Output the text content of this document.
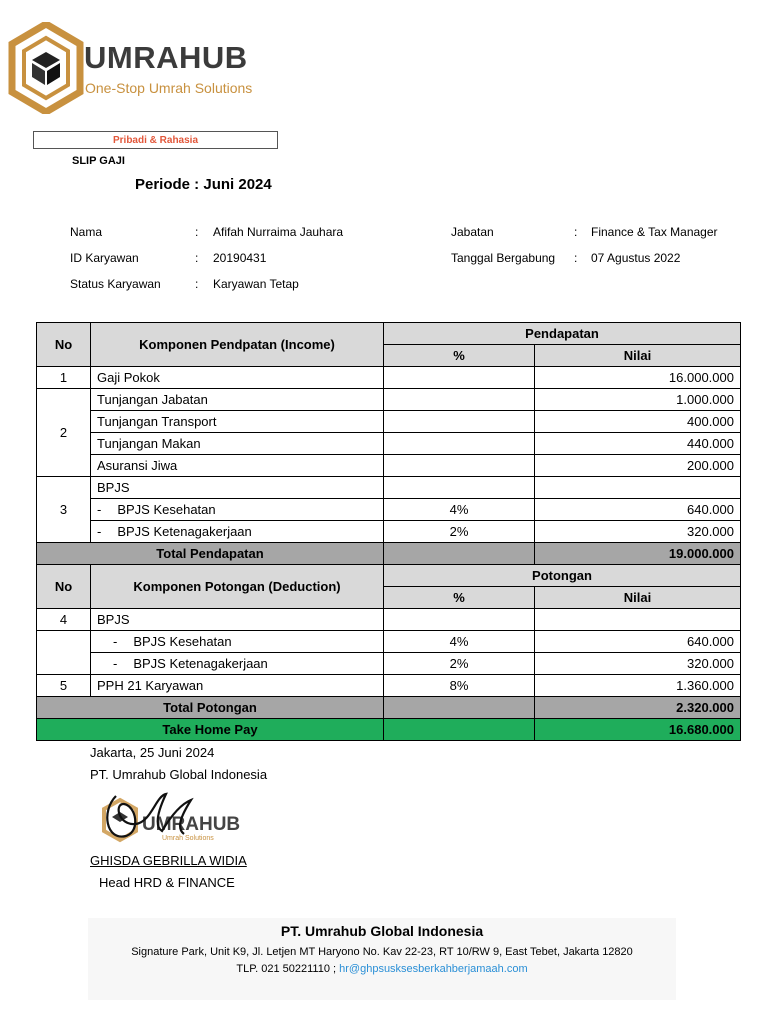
UMRAHUB
One-Stop Umrah Solutions
Pribadi & Rahasia
SLIP GAJI
Periode : Juni 2024
Nama	: Afifah Nurraima Jauhara
ID Karyawan	: 20190431
Status Karyawan	: Karyawan Tetap
Jabatan	: Finance & Tax Manager
Tanggal Bergabung : 07 Agustus 2022
No	Komponen Pendpatan (Income)	Pendapatan	
		%	Nilai
1	Gaji Pokok		16.000.000
2	Tunjangan Jabatan		1.000.000
	Tunjangan Transport		400.000
	Tunjangan Makan		440.000
	Asuransi Jiwa		200.000
3	BPJS		
	- BPJS Kesehatan	4%	640.000
	- BPJS Ketenagakerjaan	2%	320.000
Total Pendapatan			19.000.000
No	Komponen Potongan (Deduction)	Potongan	
		%	Nilai
4	BPJS		
	- BPJS Kesehatan	4%	640.000
	- BPJS Ketenagakerjaan	2%	320.000
5	PPH 21 Karyawan	8%	1.360.000
Total Potongan			2.320.000
Take Home Pay			16.680.000
Jakarta, 25 Juni 2024
PT. Umrahub Global Indonesia
UMRAHUB
Umrah Solutions
GHISDA GEBRILLA WIDIA
Head HRD & FINANCE
PT. Umrahub Global Indonesia
Signature Park, Unit K9, Jl. Letjen MT Haryono No. Kav 22-23, RT 10/RW 9, East Tebet, Jakarta 12820
TLP. 021 50221110 ; hr@ghpsusksesberkahberjamaah.com
